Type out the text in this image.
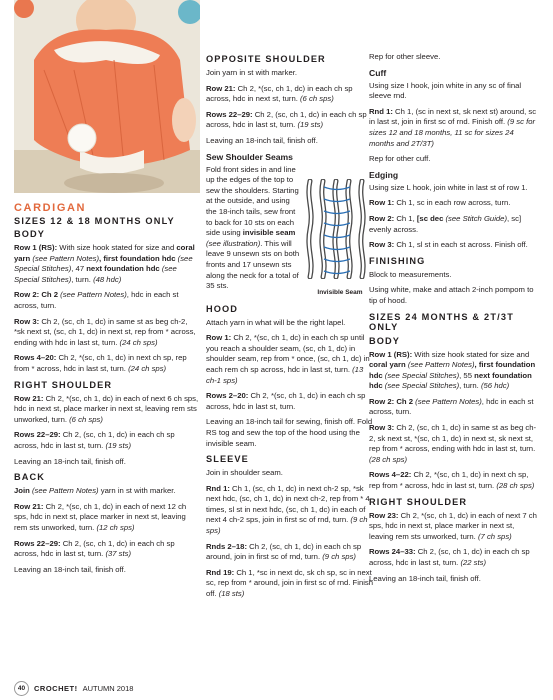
CARDIGAN
SIZES 12 & 18 MONTHS ONLY
BODY

Row 1 (RS): With size hook stated for size and coral yarn (see Pattern Notes), first foundation hdc (see Special Stitches), 47 next foundation hdc (see Special Stitches), turn. (48 hdc)

Row 2: Ch 2 (see Pattern Notes), hdc in each st across, turn.

Row 3: Ch 2, (sc, ch 1, dc) in same st as beg ch-2, *sk next st, (sc, ch 1, dc) in next st, rep from * across, ending with hdc in last st, turn. (24 ch sps)

Rows 4–20: Ch 2, *(sc, ch 1, dc) in next ch sp, rep from * across, hdc in last st, turn. (24 ch sps)

RIGHT SHOULDER

Row 21: Ch 2, *(sc, ch 1, dc) in each of next 6 ch sps, hdc in next st, place marker in next st, leaving rem sts unworked, turn. (6 ch sps)

Rows 22–29: Ch 2, (sc, ch 1, dc) in each ch sp across, hdc in last st, turn. (19 sts)

Leaving an 18-inch tail, finish off.

BACK

Join (see Pattern Notes) yarn in st with marker.

Row 21: Ch 2, *(sc, ch 1, dc) in each of next 12 ch sps, hdc in next st, place marker in next st, leaving rem sts unworked, turn. (12 ch sps)

Rows 22–29: Ch 2, (sc, ch 1, dc) in each ch sp across, hdc in last st, turn. (37 sts)

Leaving an 18-inch tail, finish off.

OPPOSITE SHOULDER

Join yarn in st with marker.

Row 21: Ch 2, *(sc, ch 1, dc) in each ch sp across, hdc in next st, turn. (6 ch sps)

Rows 22–29: Ch 2, (sc, ch 1, dc) in each ch sp across, hdc in last st, turn. (19 sts)

Leaving an 18-inch tail, finish off.

Sew Shoulder Seams

Invisible Seam
Fold front sides in and line up the edges of the top to sew the shoulders. Starting at the outside, and using the 18-inch tails, sew front to back for 10 sts on each side using invisible seam (see illustration). This will leave 9 unsewn sts on both fronts and 17 unsewn sts along the neck for a total of 35 sts.

HOOD

Attach yarn in what will be the right lapel.

Row 1: Ch 2, *(sc, ch 1, dc) in each ch sp until you reach a shoulder seam, (sc, ch 1, dc) in shoulder seam, rep from * once, (sc, ch 1, dc) in each rem ch sp across, hdc in last st, turn. (13 ch-1 sps)

Rows 2–20: Ch 2, *(sc, ch 1, dc) in each ch sp across, hdc in last st, turn.

Leaving an 18-inch tail for sewing, finish off. Fold RS tog and sew the top of the hood using the invisible seam.

SLEEVE

Join in shoulder seam.

Rnd 1: Ch 1, (sc, ch 1, dc) in next ch-2 sp, *sk next hdc, (sc, ch 1, dc) in next ch-2, rep from * 4 times, sl st in next hdc, (sc, ch 1, dc) in each of next 4 ch-2 sps, join in first sc of rnd, turn. (9 ch sps)

Rnds 2–18: Ch 2, (sc, ch 1, dc) in each ch sp around, join in first sc of rnd, turn. (9 ch sps)

Rnd 19: Ch 1, *sc in next dc, sk ch sp, sc in next sc, rep from * around, join in first sc of rnd. Finish off. (18 sts)

Rep for other sleeve.

Cuff

Using size I hook, join white in any sc of final sleeve rnd.

Rnd 1: Ch 1, (sc in next st, sk next st) around, sc in last st, join in first sc of rnd. Finish off. (9 sc for sizes 12 and 18 months, 11 sc for sizes 24 months and 2T/3T)

Rep for other cuff.

Edging

Using size L hook, join white in last st of row 1.

Row 1: Ch 1, sc in each row across, turn.

Row 2: Ch 1, [sc dec (see Stitch Guide), sc] evenly across.

Row 3: Ch 1, sl st in each st across. Finish off.

FINISHING

Block to measurements.

Using white, make and attach 2-inch pompom to tip of hood.

SIZES 24 MONTHS & 2T/3T ONLY
BODY

Row 1 (RS): With size hook stated for size and coral yarn (see Pattern Notes), first foundation hdc (see Special Stitches), 55 next foundation hdc (see Special Stitches), turn. (56 hdc)

Row 2: Ch 2 (see Pattern Notes), hdc in each st across, turn.

Row 3: Ch 2, (sc, ch 1, dc) in same st as beg ch-2, sk next st, *(sc, ch 1, dc) in next st, sk next st, rep from * across, ending with hdc in last st, turn. (28 ch sps)

Rows 4–22: Ch 2, *(sc, ch 1, dc) in next ch sp, rep from * across, hdc in last st, turn. (28 ch sps)

RIGHT SHOULDER

Row 23: Ch 2, *(sc, ch 1, dc) in each of next 7 ch sps, hdc in next st, place marker in next st, leaving rem sts unworked, turn. (7 ch sps)

Rows 24–33: Ch 2, (sc, ch 1, dc) in each ch sp across, hdc in last st, turn. (22 sts)

Leaving an 18-inch tail, finish off.

40	CROCHET! AUTUMN 2018
